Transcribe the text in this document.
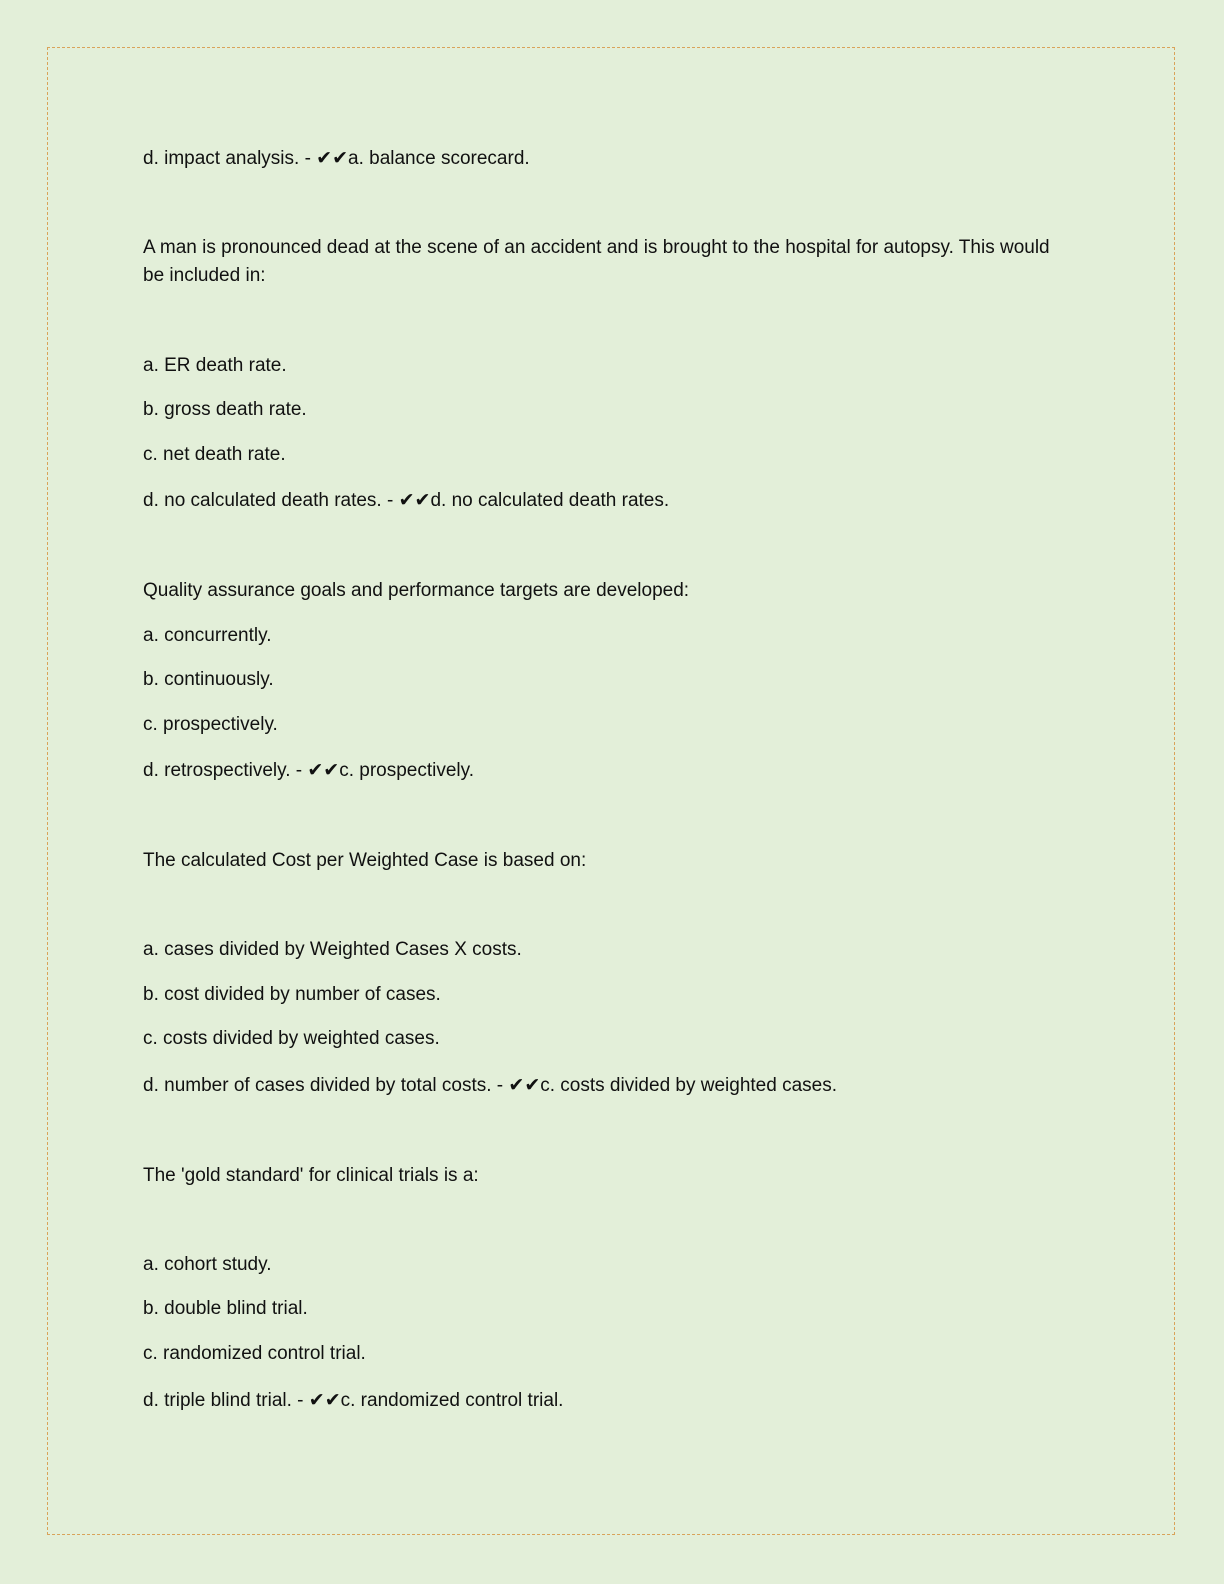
d. impact analysis. - ✔✔a. balance scorecard.
A man is pronounced dead at the scene of an accident and is brought to the hospital for autopsy. This would be included in:
a. ER death rate.
b. gross death rate.
c. net death rate.
d. no calculated death rates. - ✔✔d. no calculated death rates.
Quality assurance goals and performance targets are developed:
a. concurrently.
b. continuously.
c. prospectively.
d. retrospectively. - ✔✔c. prospectively.
The calculated Cost per Weighted Case is based on:
a. cases divided by Weighted Cases X costs.
b. cost divided by number of cases.
c. costs divided by weighted cases.
d. number of cases divided by total costs. - ✔✔c. costs divided by weighted cases.
The 'gold standard' for clinical trials is a:
a. cohort study.
b. double blind trial.
c. randomized control trial.
d. triple blind trial. - ✔✔c. randomized control trial.
